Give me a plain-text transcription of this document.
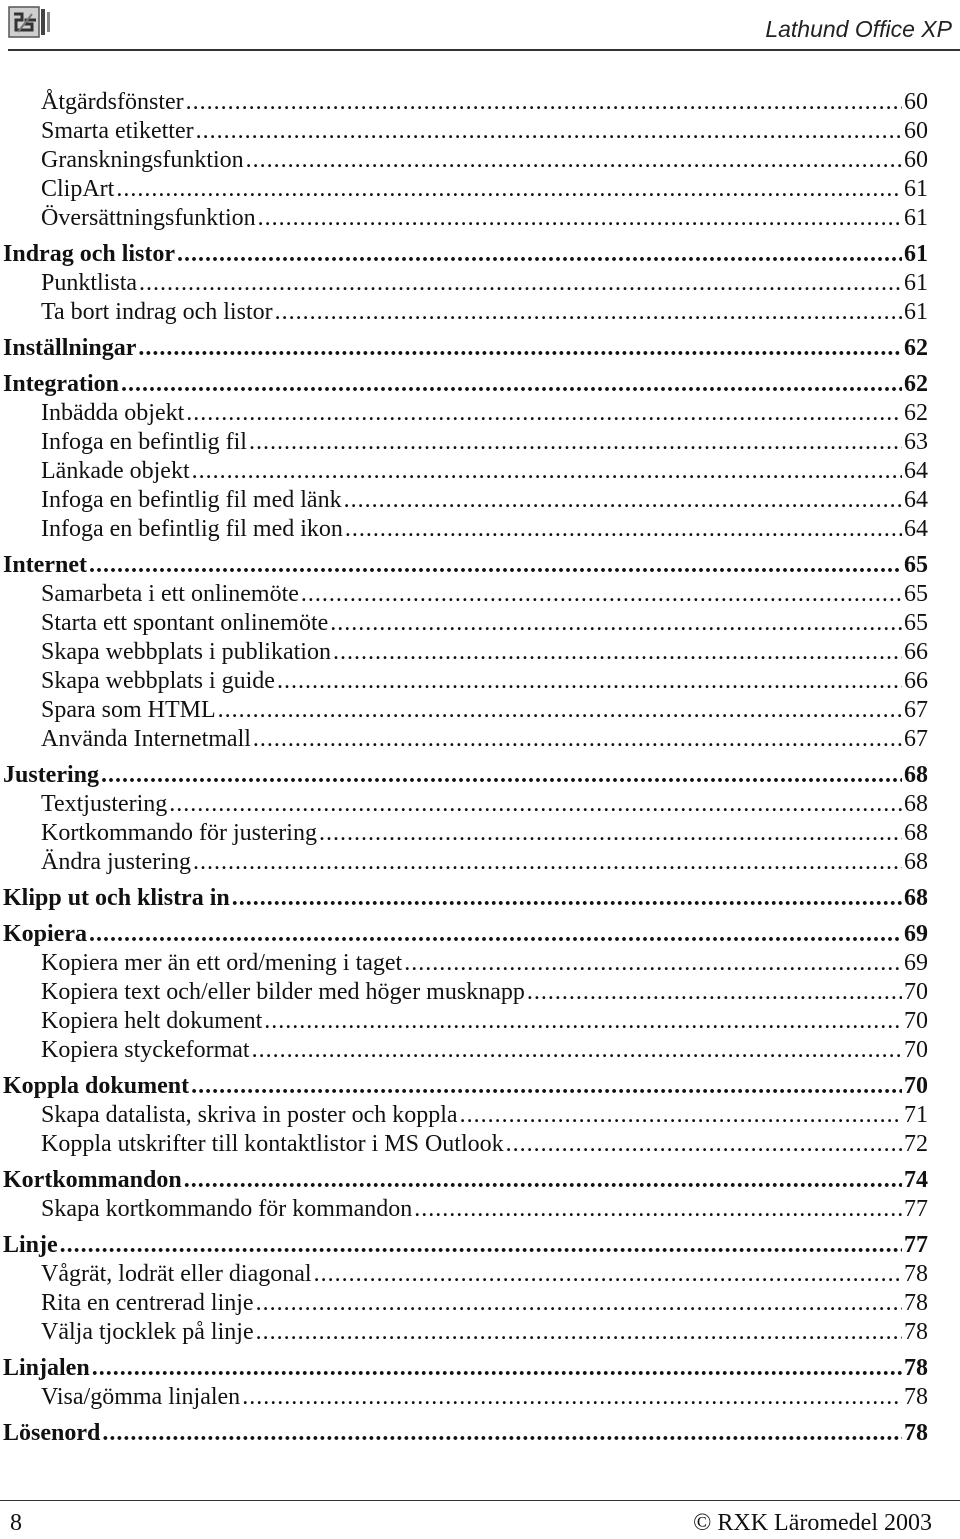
Lathund Office XP
Åtgärdsfönster .....	60
Smarta etiketter .....	60
Granskningsfunktion .....	60
ClipArt .....	61
Översättningsfunktion .....	61
Indrag och listor .....	61
Punktlista .....	61
Ta bort indrag och listor .....	61
Inställningar .....	62
Integration .....	62
Inbädda objekt .....	62
Infoga en befintlig fil .....	63
Länkade objekt .....	64
Infoga en befintlig fil med länk .....	64
Infoga en befintlig fil med ikon .....	64
Internet .....	65
Samarbeta i ett onlinemöte .....	65
Starta ett spontant onlinemöte .....	65
Skapa webbplats i publikation .....	66
Skapa webbplats i guide .....	66
Spara som HTML .....	67
Använda Internetmall .....	67
Justering .....	68
Textjustering .....	68
Kortkommando för justering .....	68
Ändra justering .....	68
Klipp ut och klistra in .....	68
Kopiera .....	69
Kopiera mer än ett ord/mening i taget .....	69
Kopiera text och/eller bilder med höger musknapp .....	70
Kopiera helt dokument .....	70
Kopiera styckeformat .....	70
Koppla dokument .....	70
Skapa datalista, skriva in poster och koppla .....	71
Koppla utskrifter till kontaktlistor i MS Outlook .....	72
Kortkommandon .....	74
Skapa kortkommando för kommandon .....	77
Linje .....	77
Vågrät, lodrät eller diagonal .....	78
Rita en centrerad linje .....	78
Välja tjocklek på linje .....	78
Linjalen .....	78
Visa/gömma linjalen .....	78
Lösenord .....	78
8	© RXK Läromedel 2003
